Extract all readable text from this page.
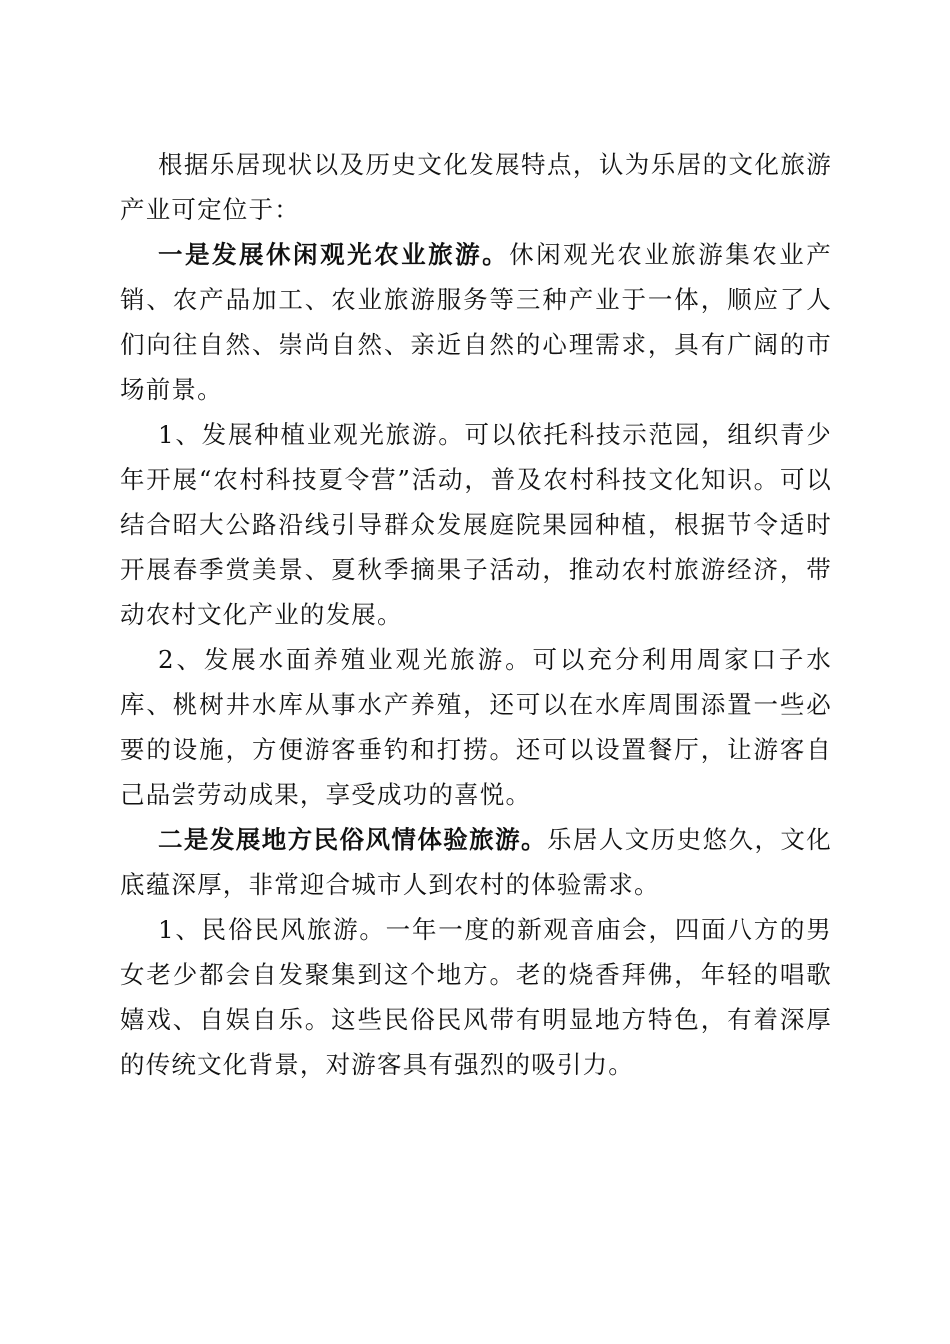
根据乐居现状以及历史文化发展特点，认为乐居的文化旅游产业可定位于：

一是发展休闲观光农业旅游。休闲观光农业旅游集农业产销、农产品加工、农业旅游服务等三种产业于一体，顺应了人们向往自然、崇尚自然、亲近自然的心理需求，具有广阔的市场前景。

1、发展种植业观光旅游。可以依托科技示范园，组织青少年开展“农村科技夏令营”活动，普及农村科技文化知识。可以结合昭大公路沿线引导群众发展庭院果园种植，根据节令适时开展春季赏美景、夏秋季摘果子活动，推动农村旅游经济，带动农村文化产业的发展。

2、发展水面养殖业观光旅游。可以充分利用周家口子水库、桃树井水库从事水产养殖，还可以在水库周围添置一些必要的设施，方便游客垂钓和打捞。还可以设置餐厅，让游客自己品尝劳动成果，享受成功的喜悦。

二是发展地方民俗风情体验旅游。乐居人文历史悠久，文化底蕴深厚，非常迎合城市人到农村的体验需求。

1、民俗民风旅游。一年一度的新观音庙会，四面八方的男女老少都会自发聚集到这个地方。老的烧香拜佛，年轻的唱歌嬉戏、自娱自乐。这些民俗民风带有明显地方特色，有着深厚的传统文化背景，对游客具有强烈的吸引力。
